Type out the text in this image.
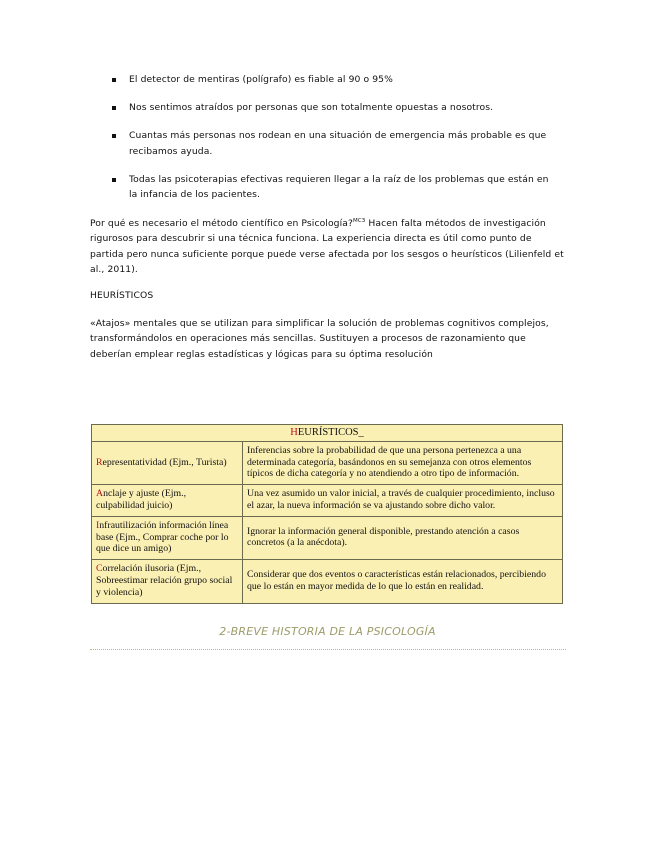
El detector de mentiras (polígrafo) es fiable al 90 o 95%
Nos sentimos atraídos por personas que son totalmente opuestas a nosotros.
Cuantas más personas nos rodean en una situación de emergencia más probable es que recibamos ayuda.
Todas las psicoterapias efectivas requieren llegar a la raíz de los problemas que están en la infancia de los pacientes.

Por qué es necesario el método científico en Psicología?$^{MC3}$ Hacen falta métodos de investigación rigurosos para descubrir si una técnica funciona. La experiencia directa es útil como punto de partida pero nunca suficiente porque puede verse afectada por los sesgos o heurísticos (Lilienfeld et al., 2011).

HEURÍSTICOS

«Atajos» mentales que se utilizan para simplificar la solución de problemas cognitivos complejos, transformándolos en operaciones más sencillas. Sustituyen a procesos de razonamiento que deberían emplear reglas estadísticas y lógicas para su óptima resolución

HEURÍSTICOS_	
Representatividad (Ejm., Turista)	Inferencias sobre la probabilidad de que una persona pertenezca a una determinada categoría, basándonos en su semejanza con otros elementos típicos de dicha categoría y no atendiendo a otro tipo de información.
Anclaje y ajuste (Ejm., culpabilidad juicio)	Una vez asumido un valor inicial, a través de cualquier procedimiento, incluso el azar, la nueva información se va ajustando sobre dicho valor.
Infrautilización información línea base (Ejm., Comprar coche por lo que dice un amigo)	Ignorar la información general disponible, prestando atención a casos concretos (a la anécdota).
Correlación ilusoria (Ejm., Sobreestimar relación grupo social y violencia)	Considerar que dos eventos o características están relacionados, percibiendo que lo están en mayor medida de lo que lo están en realidad.
2-BREVE HISTORIA DE LA PSICOLOGÍA
